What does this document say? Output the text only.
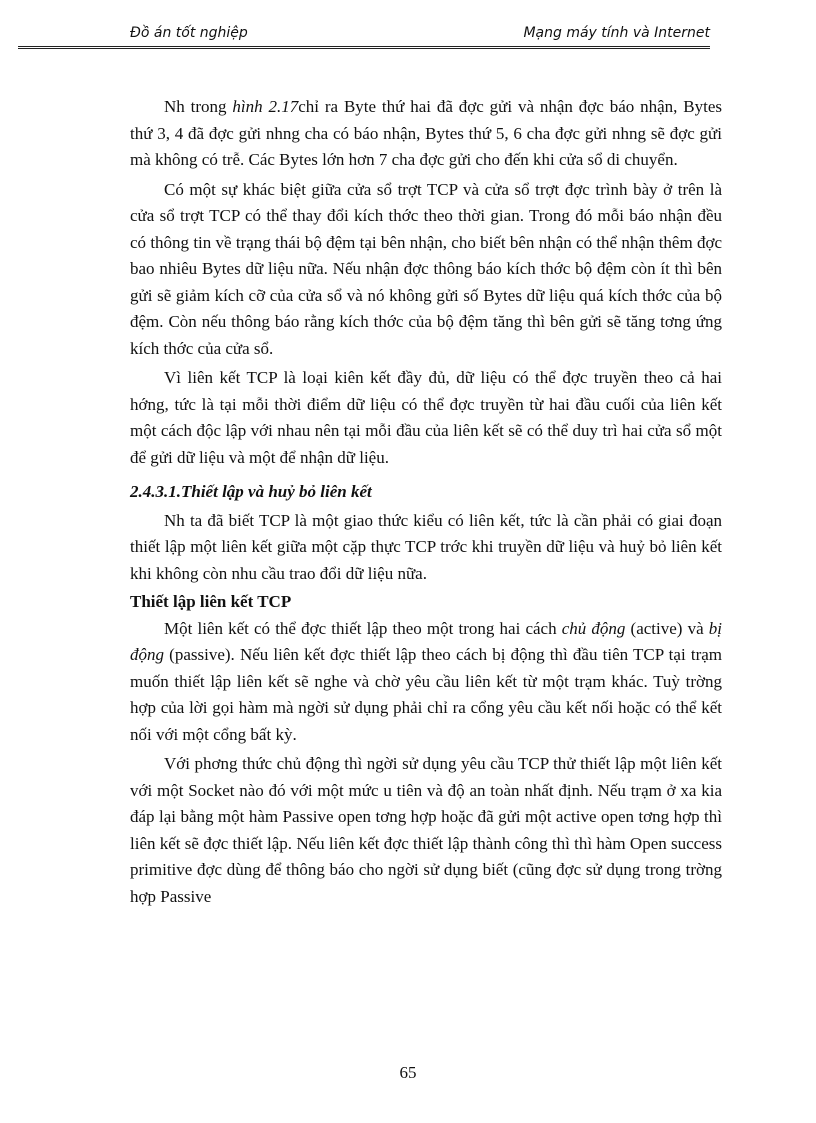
Đồ án tốt nghiệp	Mạng máy tính và Internet

Nh trong hình 2.17chỉ ra Byte thứ hai đã đợc gửi và nhận đợc báo nhận, Bytes thứ 3, 4 đã đợc gửi nhng cha có báo nhận, Bytes thứ 5, 6 cha đợc gửi nhng sẽ đợc gửi mà không có trễ. Các Bytes lớn hơn 7 cha đợc gửi cho đến khi cửa sổ di chuyển.

Có một sự khác biệt giữa cửa sổ trợt TCP và cửa sổ trợt đợc trình bày ở trên là cửa sổ trợt TCP có thể thay đổi kích thớc theo thời gian. Trong đó mỗi báo nhận đều có thông tin về trạng thái bộ đệm tại bên nhận, cho biết bên nhận có thể nhận thêm đợc bao nhiêu Bytes dữ liệu nữa. Nếu nhận đợc thông báo kích thớc bộ đệm còn ít thì bên gửi sẽ giảm kích cỡ của cửa sổ và nó không gửi số Bytes dữ liệu quá kích thớc của bộ đệm. Còn nếu thông báo rằng kích thớc của bộ đệm tăng thì bên gửi sẽ tăng tơng ứng kích thớc của cửa sổ.

Vì liên kết TCP là loại kiên kết đầy đủ, dữ liệu có thể đợc truyền theo cả hai hớng, tức là tại mỗi thời điểm dữ liệu có thể đợc truyền từ hai đầu cuối của liên kết một cách độc lập với nhau nên tại mỗi đầu của liên kết sẽ có thể duy trì hai cửa sổ một để gửi dữ liệu và một để nhận dữ liệu.

2.4.3.1.Thiết lập và huỷ bỏ liên kết

Nh ta đã biết TCP là một giao thức kiểu có liên kết, tức là cần phải có giai đoạn thiết lập một liên kết giữa một cặp thực TCP trớc khi truyền dữ liệu và huỷ bỏ liên kết khi không còn nhu cầu trao đổi dữ liệu nữa.

Thiết lập liên kết TCP

Một liên kết có thể đợc thiết lập theo một trong hai cách chủ động (active) và bị động (passive). Nếu liên kết đợc thiết lập theo cách bị động thì đầu tiên TCP tại trạm muốn thiết lập liên kết sẽ nghe và chờ yêu cầu liên kết từ một trạm khác. Tuỳ trờng hợp của lời gọi hàm mà ngời sử dụng phải chỉ ra cổng yêu cầu kết nối hoặc có thể kết nối với một cổng bất kỳ.

Với phơng thức chủ động thì ngời sử dụng yêu cầu TCP thử thiết lập một liên kết với một Socket nào đó với một mức u tiên và độ an toàn nhất định. Nếu trạm ở xa kia đáp lại bằng một hàm Passive open tơng hợp hoặc đã gửi một active open tơng hợp thì liên kết sẽ đợc thiết lập. Nếu liên kết đợc thiết lập thành công thì thì hàm Open success primitive đợc dùng để thông báo cho ngời sử dụng biết (cũng đợc sử dụng trong trờng hợp Passive

65
